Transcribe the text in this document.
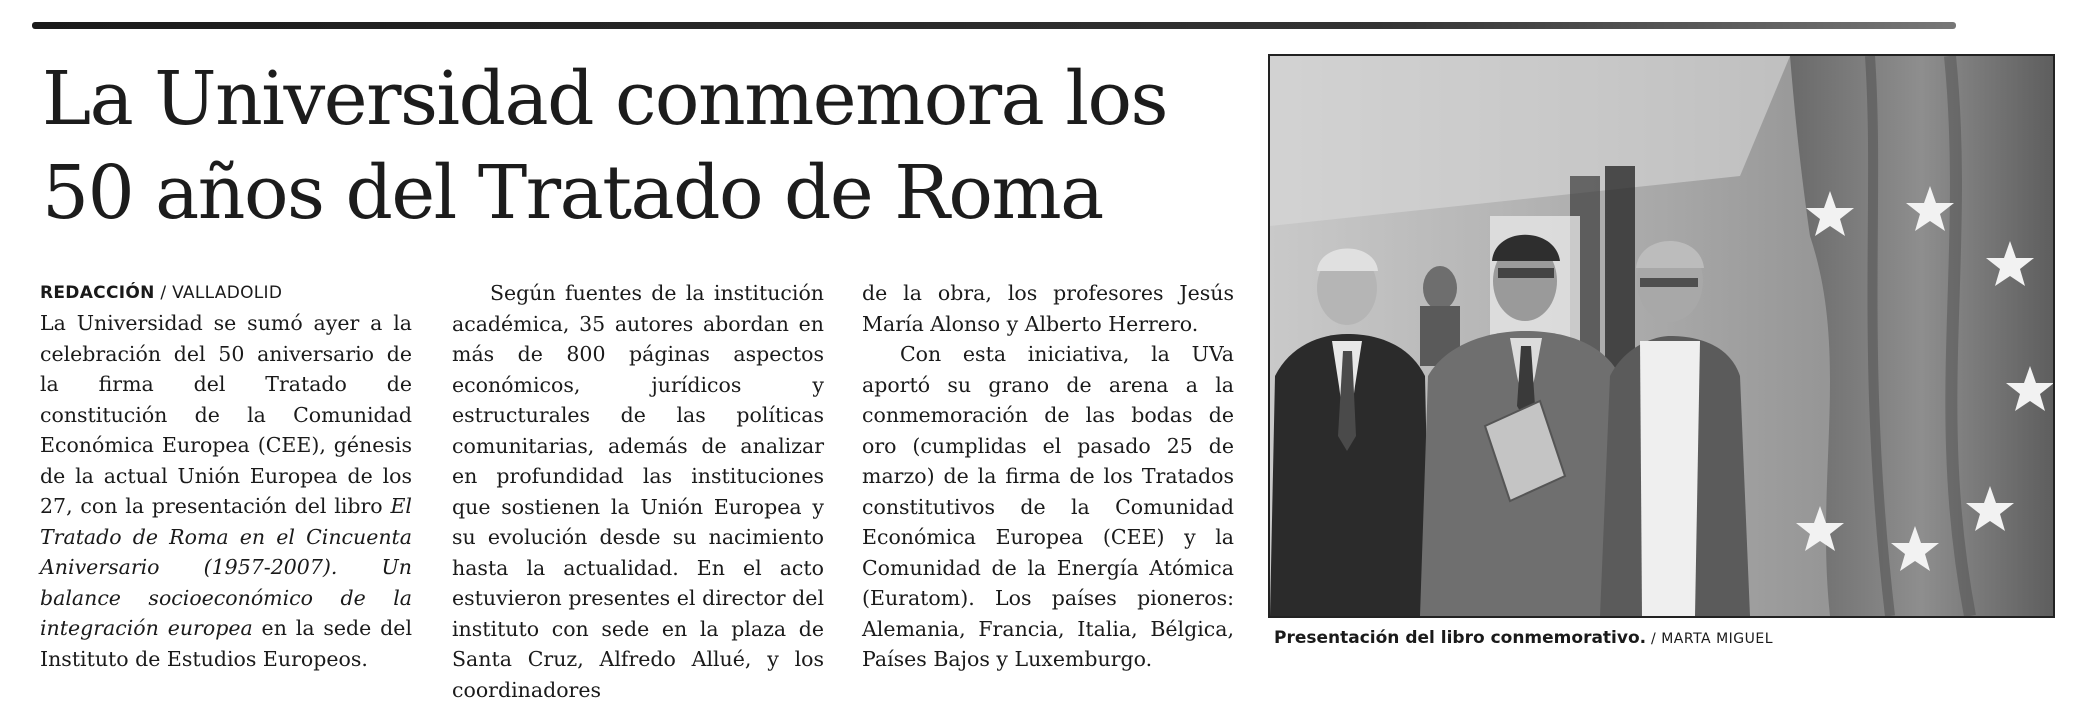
La Universidad conmemora los
50 años del Tratado de Roma
REDACCIÓN / VALLADOLID

La Universidad se sumó ayer a la celebración del 50 aniversario de la firma del Tratado de constitución de la Comunidad Económica Europea (CEE), génesis de la actual Unión Europea de los 27, con la presentación del libro El Tratado de Roma en el Cincuenta Aniversario (1957-2007). Un balance socioeconómico de la integración europea en la sede del Instituto de Estudios Europeos.

Según fuentes de la institución académica, 35 autores abordan en más de 800 páginas aspectos económicos, jurídicos y estructurales de las políticas comunitarias, además de analizar en profundidad las instituciones que sostienen la Unión Europea y su evolución desde su nacimiento hasta la actualidad. En el acto estuvieron presentes el director del instituto con sede en la plaza de Santa Cruz, Alfredo Allué, y los coordinadores

de la obra, los profesores Jesús María Alonso y Alberto Herrero.

Con esta iniciativa, la UVa aportó su grano de arena a la conmemoración de las bodas de oro (cumplidas el pasado 25 de marzo) de la firma de los Tratados constitutivos de la Comunidad Económica Europea (CEE) y la Comunidad de la Energía Atómica (Euratom). Los países pioneros: Alemania, Francia, Italia, Bélgica, Países Bajos y Luxemburgo.

Presentación del libro conmemorativo. / MARTA MIGUEL
